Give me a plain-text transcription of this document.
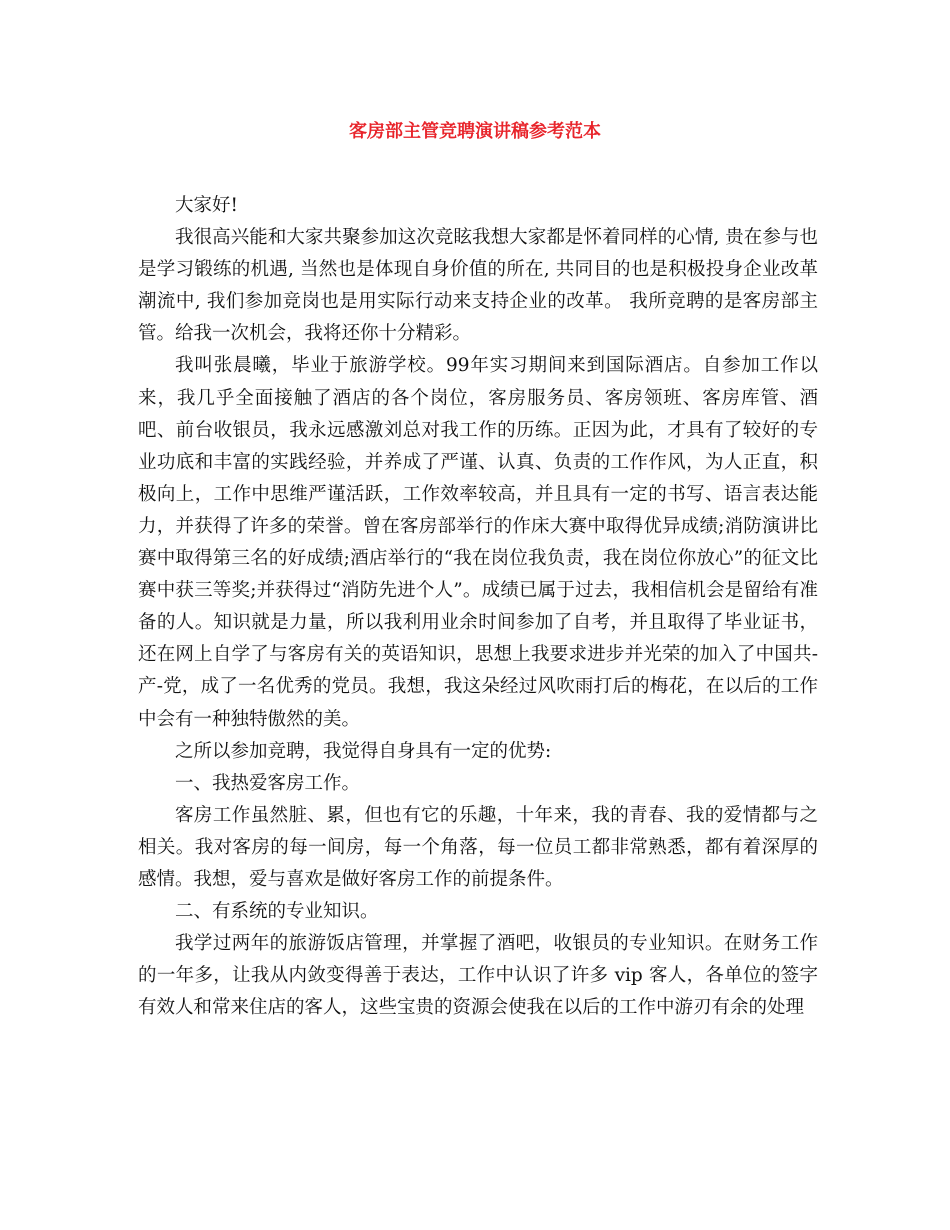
客房部主管竞聘演讲稿参考范本

大家好!

我很高兴能和大家共聚参加这次竞眩我想大家都是怀着同样的心情, 贵在参与也是学习锻练的机遇, 当然也是体现自身价值的所在, 共同目的也是积极投身企业改革潮流中, 我们参加竞岗也是用实际行动来支持企业的改革。 我所竞聘的是客房部主管。给我一次机会，我将还你十分精彩。

我叫张晨曦，毕业于旅游学校。99年实习期间来到国际酒店。自参加工作以来，我几乎全面接触了酒店的各个岗位，客房服务员、客房领班、客房库管、酒吧、前台收银员，我永远感激刘总对我工作的历练。正因为此，才具有了较好的专业功底和丰富的实践经验，并养成了严谨、认真、负责的工作作风，为人正直，积极向上，工作中思维严谨活跃，工作效率较高，并且具有一定的书写、语言表达能力，并获得了许多的荣誉。曾在客房部举行的作床大赛中取得优异成绩;消防演讲比赛中取得第三名的好成绩;酒店举行的“我在岗位我负责，我在岗位你放心”的征文比赛中获三等奖;并获得过“消防先进个人”。成绩已属于过去，我相信机会是留给有准备的人。知识就是力量，所以我利用业余时间参加了自考，并且取得了毕业证书，还在网上自学了与客房有关的英语知识，思想上我要求进步并光荣的加入了中国共-产-党，成了一名优秀的党员。我想，我这朵经过风吹雨打后的梅花，在以后的工作中会有一种独特傲然的美。

之所以参加竞聘，我觉得自身具有一定的优势:

一、我热爱客房工作。

客房工作虽然脏、累，但也有它的乐趣，十年来，我的青春、我的爱情都与之相关。我对客房的每一间房，每一个角落，每一位员工都非常熟悉，都有着深厚的感情。我想，爱与喜欢是做好客房工作的前提条件。

二、有系统的专业知识。

我学过两年的旅游饭店管理，并掌握了酒吧，收银员的专业知识。在财务工作的一年多，让我从内敛变得善于表达，工作中认识了许多 vip 客人，各单位的签字有效人和常来住店的客人，这些宝贵的资源会使我在以后的工作中游刃有余的处理
